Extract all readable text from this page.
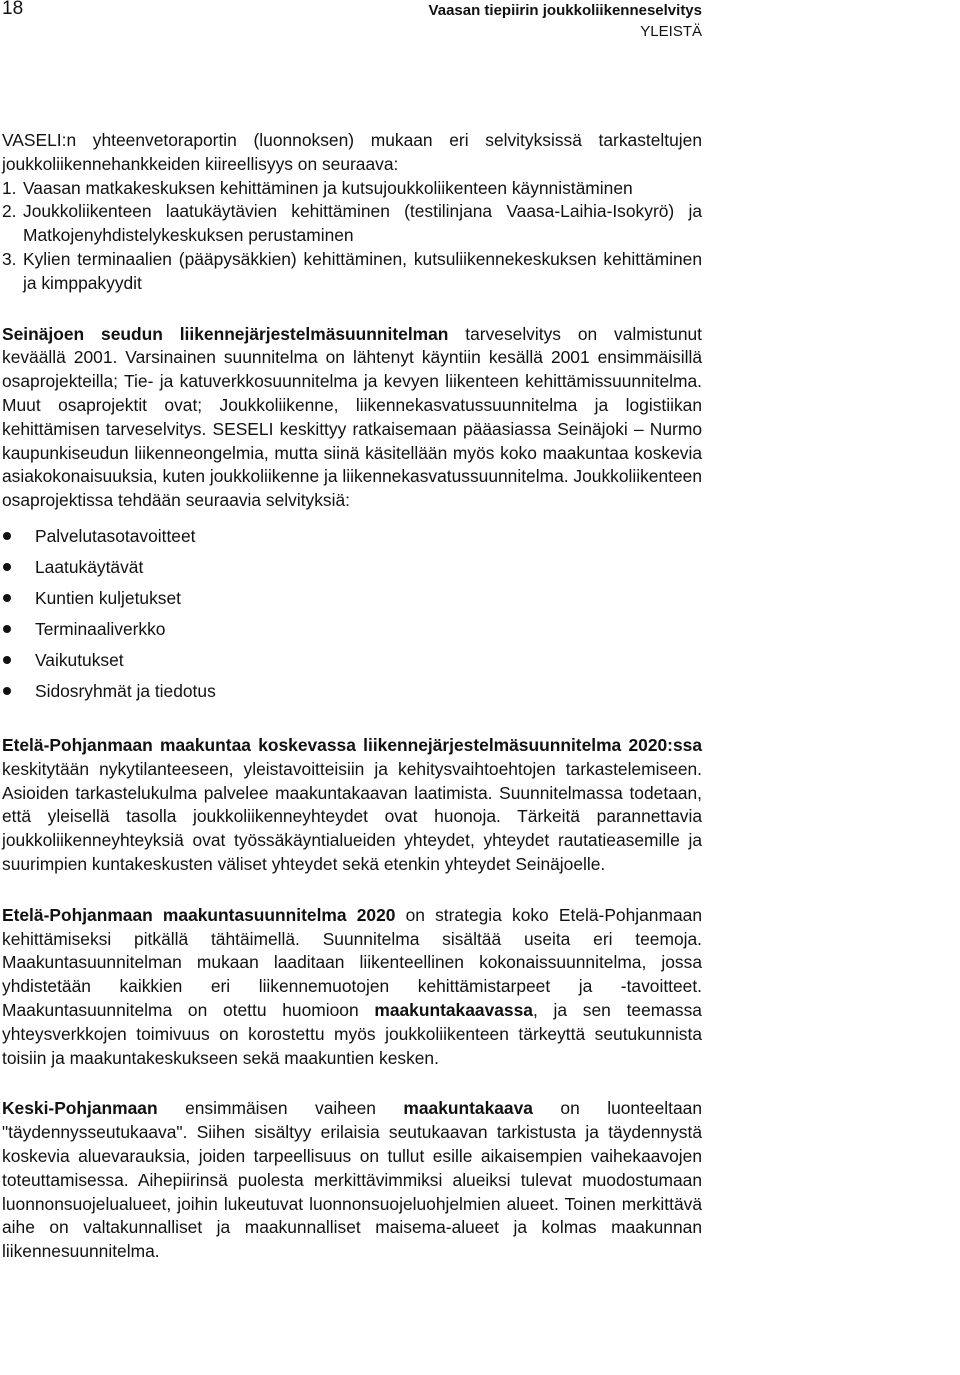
18	Vaasan tiepiirin joukkoliikenneselvitys
YLEISTÄ

VASELI:n yhteenvetoraportin (luonnoksen) mukaan eri selvityksissä tarkasteltujen joukkoliikennehankkeiden kiireellisyys on seuraava:

1. Vaasan matkakeskuksen kehittäminen ja kutsujoukkoliikenteen käynnistäminen
2. Joukkoliikenteen laatukäytävien kehittäminen (testilinjana Vaasa-Laihia-Isokyrö) ja Matkojenyhdistelykeskuksen perustaminen
3. Kylien terminaalien (pääpysäkkien) kehittäminen, kutsuliikennekeskuksen kehittäminen ja kimppakyydit

Seinäjoen seudun liikennejärjestelmäsuunnitelman tarveselvitys on valmistunut keväällä 2001. Varsinainen suunnitelma on lähtenyt käyntiin kesällä 2001 ensimmäisillä osaprojekteilla; Tie- ja katuverkkosuunnitelma ja kevyen liikenteen kehittämissuunnitelma. Muut osaprojektit ovat; Joukkoliikenne, liikennekasvatussuunnitelma ja logistiikan kehittämisen tarveselvitys. SESELI keskittyy ratkaisemaan pääasiassa Seinäjoki – Nurmo kaupunkiseudun liikenneongelmia, mutta siinä käsitellään myös koko maakuntaa koskevia asiakokonaisuuksia, kuten joukkoliikenne ja liikennekasvatussuunnitelma. Joukkoliikenteen osaprojektissa tehdään seuraavia selvityksiä:

Palvelutasotavoitteet
Laatukäytävät
Kuntien kuljetukset
Terminaaliverkko
Vaikutukset
Sidosryhmät ja tiedotus

Etelä-Pohjanmaan maakuntaa koskevassa liikennejärjestelmäsuunnitelma 2020:ssa keskitytään nykytilanteeseen, yleistavoitteisiin ja kehitysvaihtoehtojen tarkastelemiseen. Asioiden tarkastelukulma palvelee maakuntakaavan laatimista. Suunnitelmassa todetaan, että yleisellä tasolla joukkoliikenneyhteydet ovat huonoja. Tärkeitä parannettavia joukkoliikenneyhteyksiä ovat työssäkäyntialueiden yhteydet, yhteydet rautatieasemille ja suurimpien kuntakeskusten väliset yhteydet sekä etenkin yhteydet Seinäjoelle.

Etelä-Pohjanmaan maakuntasuunnitelma 2020 on strategia koko Etelä-Pohjanmaan kehittämiseksi pitkällä tähtäimellä. Suunnitelma sisältää useita eri teemoja. Maakuntasuunnitelman mukaan laaditaan liikenteellinen kokonaissuunnitelma, jossa yhdistetään kaikkien eri liikennemuotojen kehittämistarpeet ja -tavoitteet. Maakuntasuunnitelma on otettu huomioon maakuntakaavassa, ja sen teemassa yhteysverkkojen toimivuus on korostettu myös joukkoliikenteen tärkeyttä seutukunnista toisiin ja maakuntakeskukseen sekä maakuntien kesken.

Keski-Pohjanmaan ensimmäisen vaiheen maakuntakaava on luonteeltaan "täydennysseutukaava". Siihen sisältyy erilaisia seutukaavan tarkistusta ja täydennystä koskevia aluevarauksia, joiden tarpeellisuus on tullut esille aikaisempien vaihekaavojen toteuttamisessa. Aihepiirinsä puolesta merkittävimmiksi alueiksi tulevat muodostumaan luonnonsuojelualueet, joihin lukeutuvat luonnonsuojeluohjelmien alueet. Toinen merkittävä aihe on valtakunnalliset ja maakunnalliset maisema-alueet ja kolmas maakunnan liikennesuunnitelma.
